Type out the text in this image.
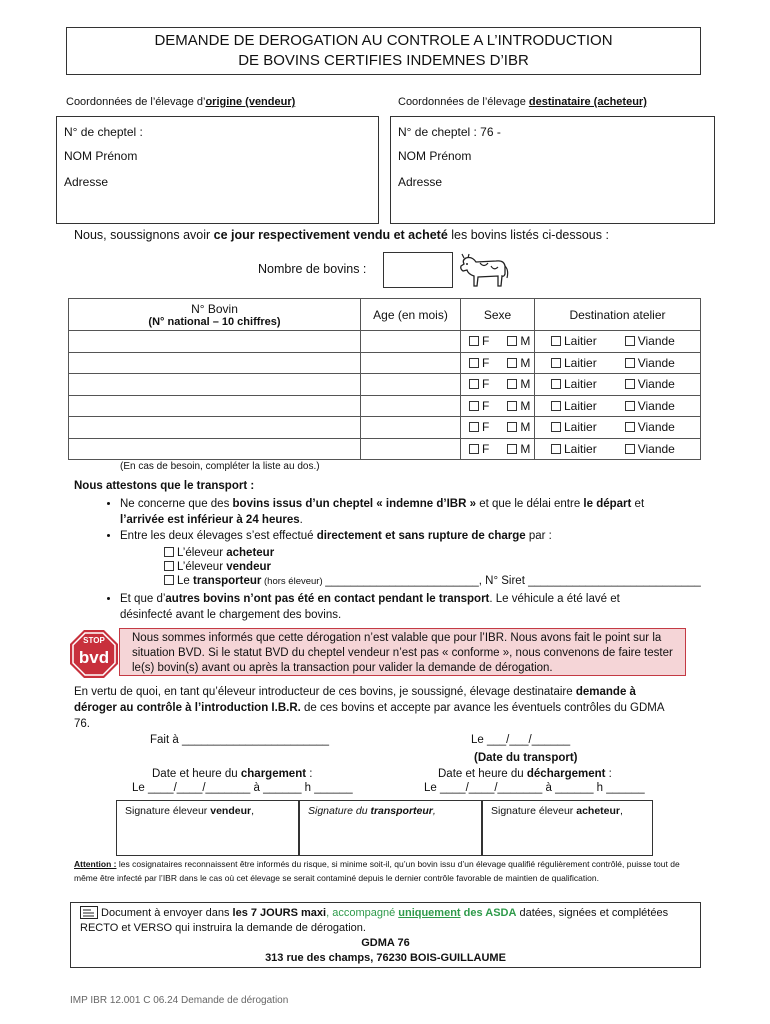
DEMANDE DE DEROGATION AU CONTROLE A L’INTRODUCTION
DE BOVINS CERTIFIES INDEMNES D’IBR
Coordonnées de l’élevage d’origine (vendeur)	Coordonnées de l’élevage destinataire (acheteur)
N° de cheptel :
NOM Prénom
Adresse
N° de cheptel : 76 -
NOM Prénom
Adresse
Nous, soussignons avoir ce jour respectivement vendu et acheté les bovins listés ci-dessous :
Nombre de bovins :
N° Bovin
(N° national – 10 chiffres)	Age (en mois)	Sexe	Destination atelier
		F M	Laitier Viande
		F M	Laitier Viande
		F M	Laitier Viande
		F M	Laitier Viande
		F M	Laitier Viande
		F M	Laitier Viande
(En cas de besoin, compléter la liste au dos.)
Nous attestons que le transport :
• Ne concerne que des bovins issus d’un cheptel « indemne d’IBR » et que le délai entre le départ et
l’arrivée est inférieur à 24 heures.
• Entre les deux élevages s’est effectué directement et sans rupture de charge par :
L’éleveur acheteur
L’éleveur vendeur
Le transporteur (hors éleveur) ________________________, N° Siret ___________________________
• Et que d’autres bovins n’ont pas été en contact pendant le transport. Le véhicule a été lavé et
désinfecté avant le chargement des bovins.
STOP
bvd
Nous sommes informés que cette dérogation n’est valable que pour l’IBR. Nous avons fait le point sur la situation BVD. Si le statut BVD du cheptel vendeur n’est pas « conforme », nous convenons de faire tester le(s) bovin(s) avant ou après la transaction pour valider la demande de dérogation.
En vertu de quoi, en tant qu’éleveur introducteur de ces bovins, je soussigné, élevage destinataire demande à
déroger au contrôle à l’introduction I.B.R. de ces bovins et accepte par avance les éventuels contrôles du GDMA
76.
Fait à _______________________	Le ___/___/______
(Date du transport)
Date et heure du chargement :
Le ____/____/_______ à ______ h ______
Date et heure du déchargement :
Le ____/____/_______ à ______ h ______
Signature éleveur vendeur,	Signature du transporteur,	Signature éleveur acheteur,
Attention : les cosignataires reconnaissent être informés du risque, si minime soit-il, qu’un bovin issu d’un élevage qualifié régulièrement contrôlé, puisse tout de même être infecté par l’IBR dans le cas où cet élevage se serait contaminé depuis le dernier contrôle favorable de maintien de qualification.
Document à envoyer dans les 7 JOURS maxi, accompagné uniquement des ASDA datées, signées et complétées
RECTO et VERSO qui instruira la demande de dérogation.
GDMA 76
313 rue des champs, 76230 BOIS-GUILLAUME
IMP IBR 12.001 C 06.24 Demande de dérogation
